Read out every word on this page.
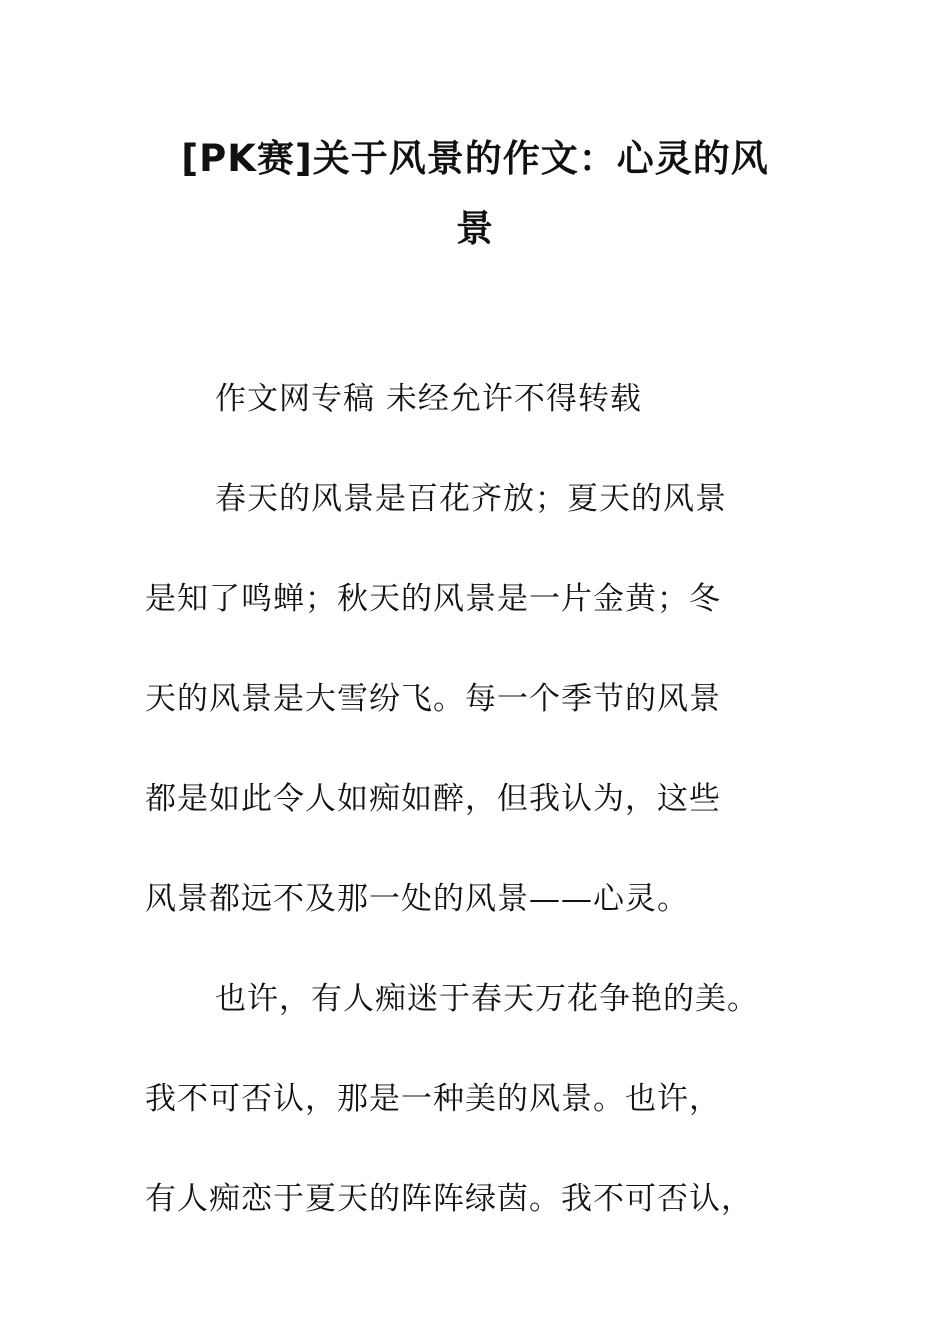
[PK赛]关于风景的作文：心灵的风
景

作文网专稿 未经允许不得转载

春天的风景是百花齐放；夏天的风景

是知了鸣蝉；秋天的风景是一片金黄；冬

天的风景是大雪纷飞。每一个季节的风景

都是如此令人如痴如醉，但我认为，这些

风景都远不及那一处的风景——心灵。

也许，有人痴迷于春天万花争艳的美。

我不可否认，那是一种美的风景。也许，

有人痴恋于夏天的阵阵绿茵。我不可否认，
